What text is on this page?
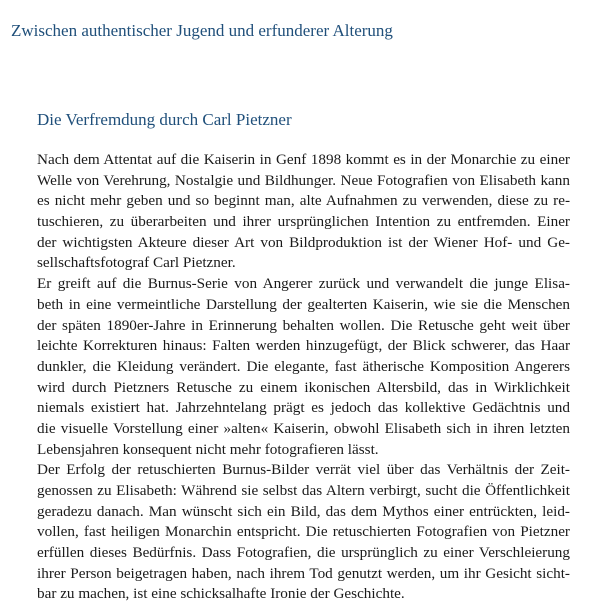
Zwischen authentischer Jugend und erfunderer Alterung
Die Verfremdung durch Carl Pietzner
Nach dem Attentat auf die Kaiserin in Genf 1898 kommt es in der Monarchie zu einer
Welle von Verehrung, Nostalgie und Bildhunger. Neue Fotografien von Elisabeth kann
es nicht mehr geben und so beginnt man, alte Aufnahmen zu verwenden, diese zu re-
tuschieren, zu überarbeiten und ihrer ursprünglichen Intention zu entfremden. Einer
der wichtigsten Akteure dieser Art von Bildproduktion ist der Wiener Hof- und Ge-
sellschaftsfotograf Carl Pietzner.
Er greift auf die Burnus-Serie von Angerer zurück und verwandelt die junge Elisa-
beth in eine vermeintliche Darstellung der gealterten Kaiserin, wie sie die Menschen
der späten 1890er-Jahre in Erinnerung behalten wollen. Die Retusche geht weit über
leichte Korrekturen hinaus: Falten werden hinzugefügt, der Blick schwerer, das Haar
dunkler, die Kleidung verändert. Die elegante, fast ätherische Komposition Angerers
wird durch Pietzners Retusche zu einem ikonischen Altersbild, das in Wirklichkeit
niemals existiert hat. Jahrzehntelang prägt es jedoch das kollektive Gedächtnis und
die visuelle Vorstellung einer »alten« Kaiserin, obwohl Elisabeth sich in ihren letzten
Lebensjahren konsequent nicht mehr fotografieren lässt.
Der Erfolg der retuschierten Burnus-Bilder verrät viel über das Verhältnis der Zeit-
genossen zu Elisabeth: Während sie selbst das Altern verbirgt, sucht die Öffentlichkeit
geradezu danach. Man wünscht sich ein Bild, das dem Mythos einer entrückten, leid-
vollen, fast heiligen Monarchin entspricht. Die retuschierten Fotografien von Pietzner
erfüllen dieses Bedürfnis. Dass Fotografien, die ursprünglich zu einer Verschleierung
ihrer Person beigetragen haben, nach ihrem Tod genutzt werden, um ihr Gesicht sicht-
bar zu machen, ist eine schicksalhafte Ironie der Geschichte.
